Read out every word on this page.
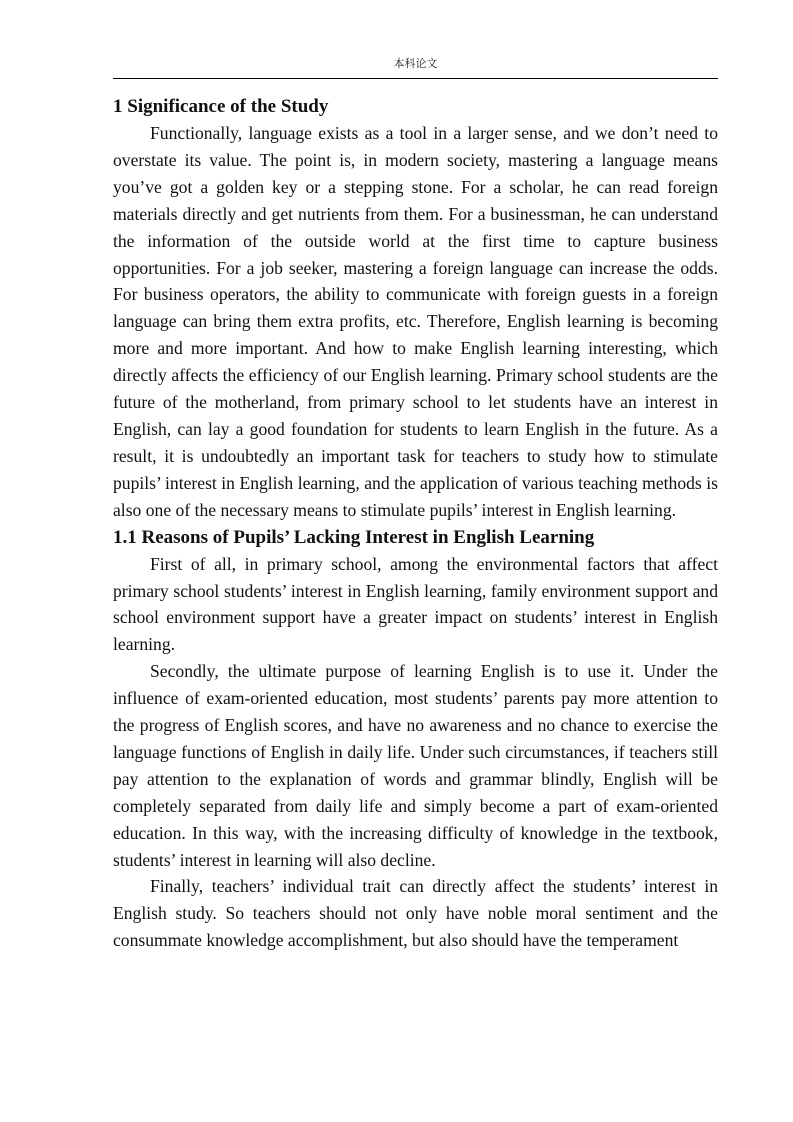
本科论文
1 Significance of the Study

Functionally, language exists as a tool in a larger sense, and we don’t need to overstate its value. The point is, in modern society, mastering a language means you’ve got a golden key or a stepping stone. For a scholar, he can read foreign materials directly and get nutrients from them. For a businessman, he can understand the information of the outside world at the first time to capture business opportunities. For a job seeker, mastering a foreign language can increase the odds. For business operators, the ability to communicate with foreign guests in a foreign language can bring them extra profits, etc. Therefore, English learning is becoming more and more important. And how to make English learning interesting, which directly affects the efficiency of our English learning. Primary school students are the future of the motherland, from primary school to let students have an interest in English, can lay a good foundation for students to learn English in the future. As a result, it is undoubtedly an important task for teachers to study how to stimulate pupils’ interest in English learning, and the application of various teaching methods is also one of the necessary means to stimulate pupils’ interest in English learning.

1.1 Reasons of Pupils’ Lacking Interest in English Learning

First of all, in primary school, among the environmental factors that affect primary school students’ interest in English learning, family environment support and school environment support have a greater impact on students’ interest in English learning.

Secondly, the ultimate purpose of learning English is to use it. Under the influence of exam-oriented education, most students’ parents pay more attention to the progress of English scores, and have no awareness and no chance to exercise the language functions of English in daily life. Under such circumstances, if teachers still pay attention to the explanation of words and grammar blindly, English will be completely separated from daily life and simply become a part of exam-oriented education. In this way, with the increasing difficulty of knowledge in the textbook, students’ interest in learning will also decline.

Finally, teachers’ individual trait can directly affect the students’ interest in English study. So teachers should not only have noble moral sentiment and the consummate knowledge accomplishment, but also should have the temperament
